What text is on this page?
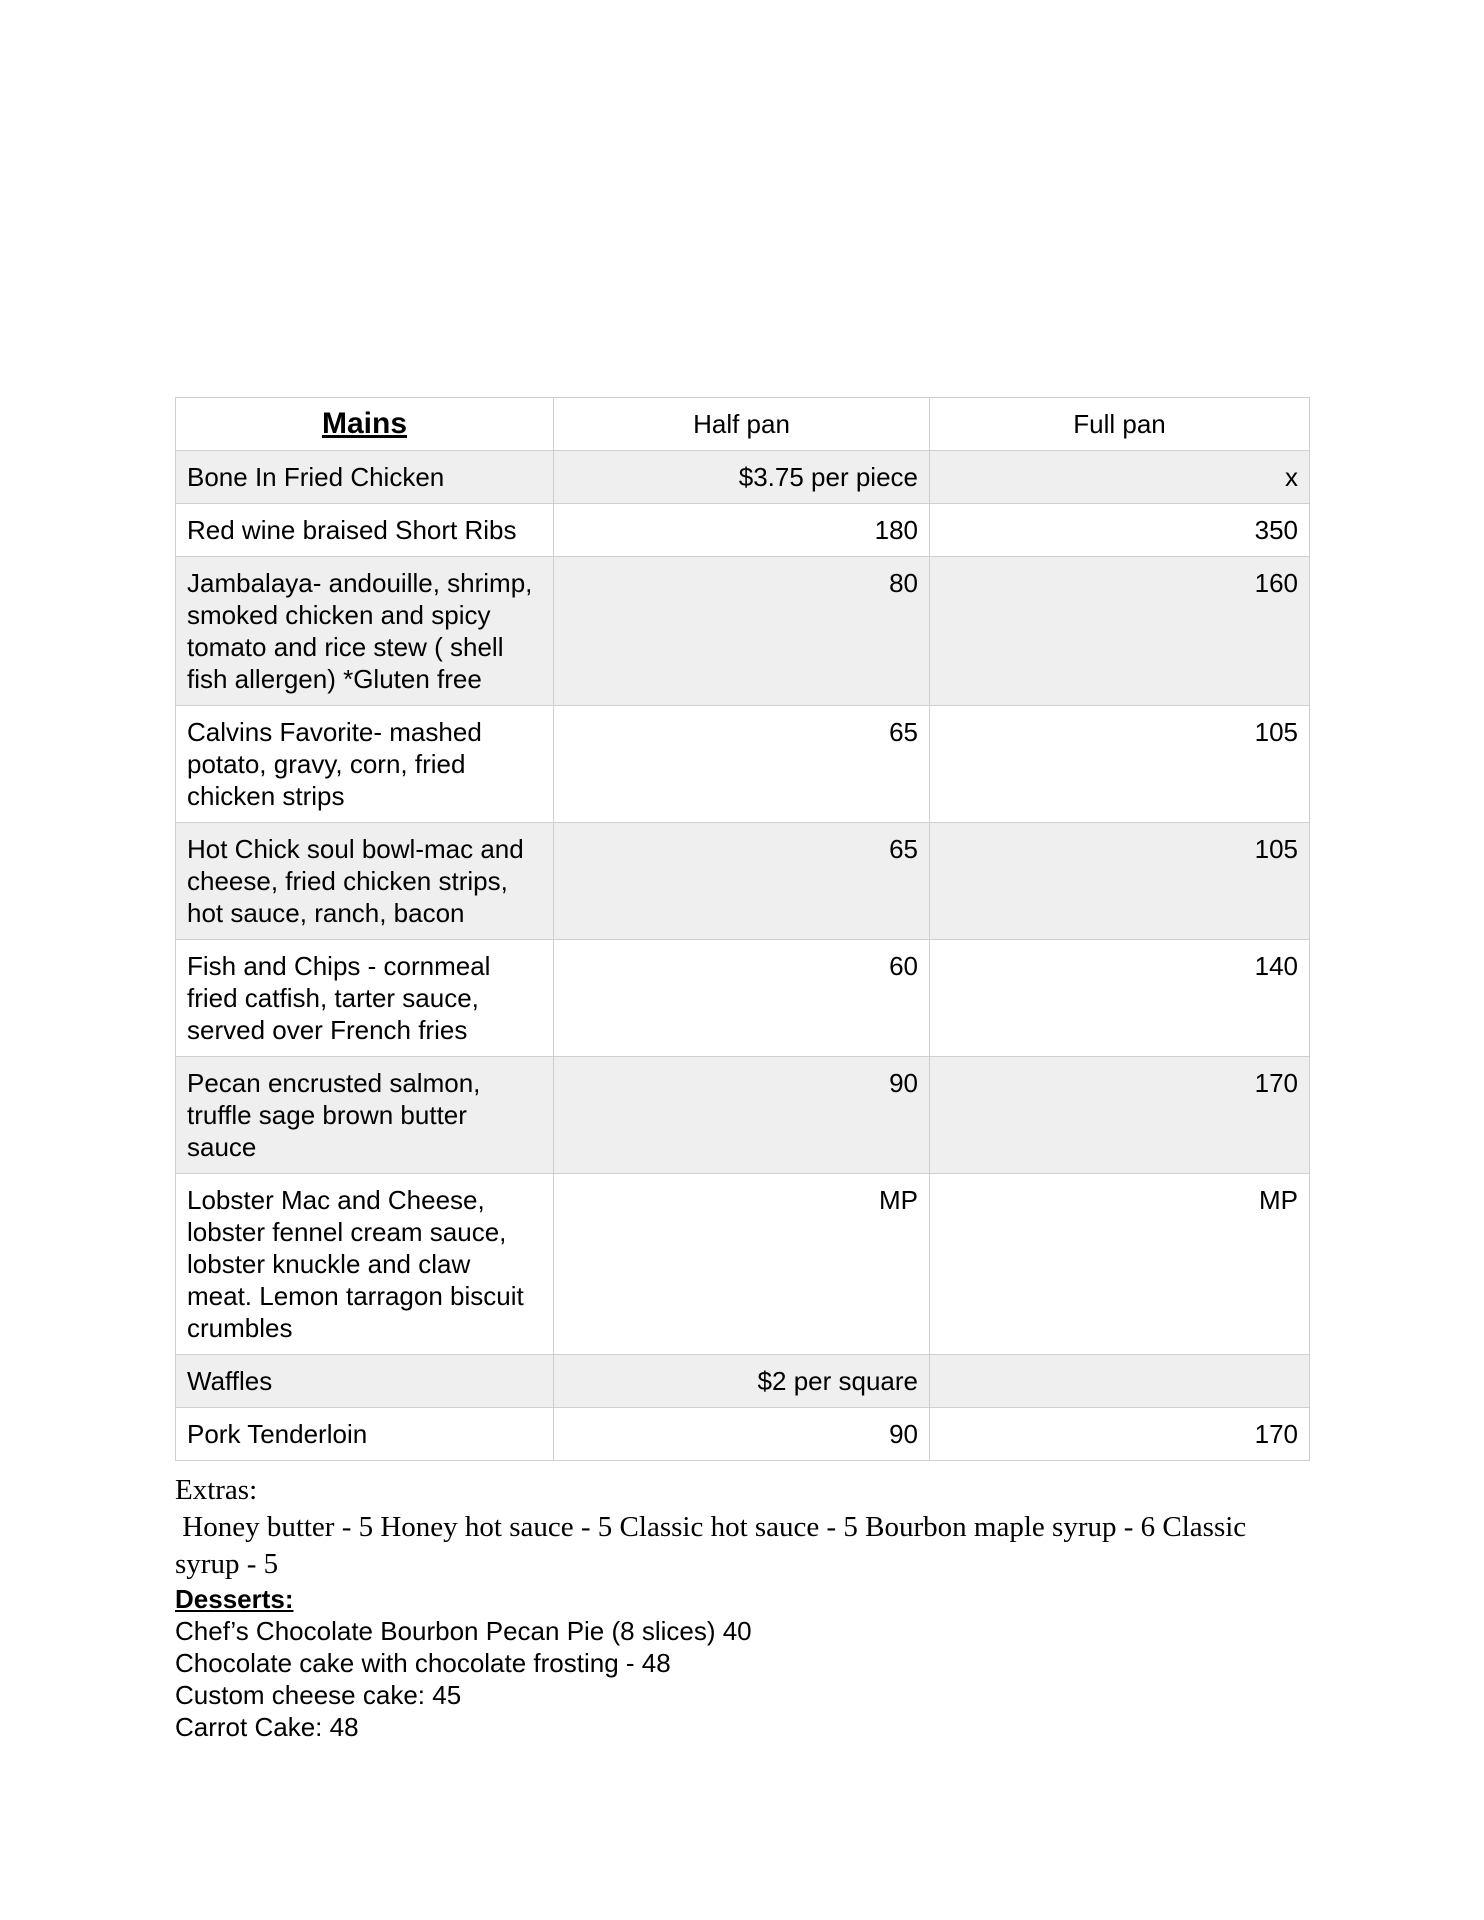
Mains	Half pan	Full pan
Bone In Fried Chicken	$3.75 per piece	x
Red wine braised Short Ribs	180	350
Jambalaya- andouille, shrimp, smoked chicken and spicy tomato and rice stew ( shell fish allergen) *Gluten free	80	160
Calvins Favorite- mashed potato, gravy, corn, fried chicken strips	65	105
Hot Chick soul bowl-mac and cheese, fried chicken strips, hot sauce, ranch, bacon	65	105
Fish and Chips - cornmeal fried catfish, tarter sauce, served over French fries	60	140
Pecan encrusted salmon, truffle sage brown butter sauce	90	170
Lobster Mac and Cheese, lobster fennel cream sauce, lobster knuckle and claw meat. Lemon tarragon biscuit crumbles	MP	MP
Waffles	$2 per square	
Pork Tenderloin	90	170

Extras:

Honey butter - 5 Honey hot sauce - 5 Classic hot sauce - 5 Bourbon maple syrup - 6 Classic syrup - 5

Desserts:

Chef’s Chocolate Bourbon Pecan Pie (8 slices) 40

Chocolate cake with chocolate frosting - 48

Custom cheese cake: 45

Carrot Cake: 48
